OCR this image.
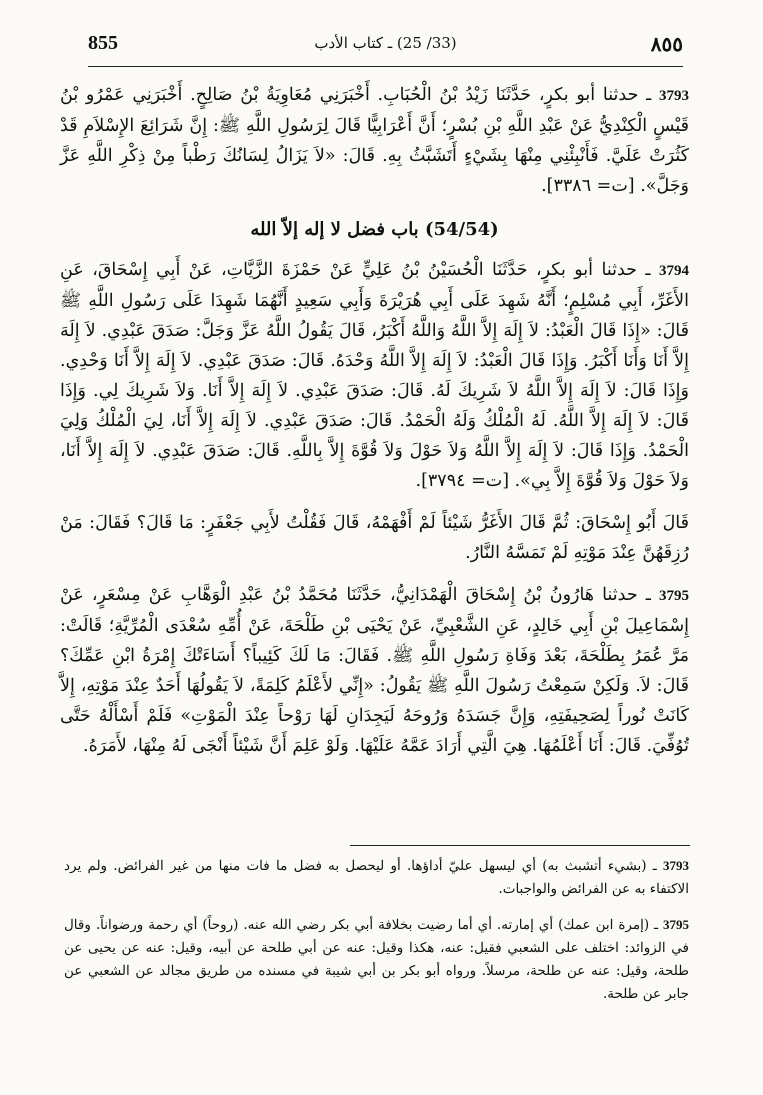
855	(33/ 25) ـ كتاب الأدب	٨٥٥

3793 ـ حدثنا أبو بكرٍ، حَدَّثَنَا زَيْدُ بْنُ الْحُبَابِ. أَخْبَرَنِي مُعَاوِيَةُ بْنُ صَالِحٍ. أَخْبَرَنِي عَمْرُو بْنُ قَيْسٍ الْكِنْدِيُّ عَنْ عَبْدِ اللَّهِ بْنِ بُسْرٍ؛ أَنَّ أَعْرَابِيًّا قَالَ لِرَسُولِ اللَّهِ ﷺ: إِنَّ شَرَائِعَ الإِسْلاَمِ قَدْ كَثُرَتْ عَلَيَّ. فَأَنْبِئْنِي مِنْهَا بِشَيْءٍ أَتَشَبَّثُ بِهِ. قَالَ: «لاَ يَزَالُ لِسَانُكَ رَطْباً مِنْ ذِكْرِ اللَّهِ عَزَّ وَجَلَّ». [ت= ٣٣٨٦].

(54/54) باب فضل لا إله إلاّ الله

3794 ـ حدثنا أبو بكرٍ، حَدَّثَنَا الْحُسَيْنُ بْنُ عَلِيٍّ عَنْ حَمْزَةَ الزَّيَّاتِ، عَنْ أَبِي إِسْحَاقَ، عَنِ الأَغَرِّ، أَبِي مُسْلِمٍ؛ أَنَّهُ شَهِدَ عَلَى أَبِي هُرَيْرَةَ وَأَبِي سَعِيدٍ أَنَّهُمَا شَهِدَا عَلَى رَسُولِ اللَّهِ ﷺ قَالَ: «إِذَا قَالَ الْعَبْدُ: لاَ إِلَهَ إِلاَّ اللَّهُ وَاللَّهُ أَكْبَرُ، قَالَ يَقُولُ اللَّهُ عَزَّ وَجَلَّ: صَدَقَ عَبْدِي. لاَ إِلَهَ إِلاَّ أَنَا وَأَنَا أَكْبَرُ. وَإِذَا قَالَ الْعَبْدُ: لاَ إِلَهَ إِلاَّ اللَّهُ وَحْدَهُ. قَالَ: صَدَقَ عَبْدِي. لاَ إِلَهَ إِلاَّ أَنَا وَحْدِي. وَإِذَا قَالَ: لاَ إِلَهَ إِلاَّ اللَّهُ لاَ شَرِيكَ لَهُ. قَالَ: صَدَقَ عَبْدِي. لاَ إِلَهَ إِلاَّ أَنَا. وَلاَ شَرِيكَ لِي. وَإِذَا قَالَ: لاَ إِلَهَ إِلاَّ اللَّهُ. لَهُ الْمُلْكُ وَلَهُ الْحَمْدُ. قَالَ: صَدَقَ عَبْدِي. لاَ إِلَهَ إِلاَّ أَنَا، لِيَ الْمُلْكُ وَلِيَ الْحَمْدُ. وَإِذَا قَالَ: لاَ إِلَهَ إِلاَّ اللَّهُ وَلاَ حَوْلَ وَلاَ قُوَّةَ إِلاَّ بِاللَّهِ. قَالَ: صَدَقَ عَبْدِي. لاَ إِلَهَ إِلاَّ أَنَا، وَلاَ حَوْلَ وَلاَ قُوَّةَ إِلاَّ بِي». [ت= ٣٧٩٤].

قَالَ أَبُو إِسْحَاقَ: ثُمَّ قَالَ الأَغَرُّ شَيْئاً لَمْ أَفْهَمْهُ، قَالَ فَقُلْتُ لأَبِي جَعْفَرٍ: مَا قَالَ؟ فَقَالَ: مَنْ رُزِقَهُنَّ عِنْدَ مَوْتِهِ لَمْ تَمَسَّهُ النَّارُ.

3795 ـ حدثنا هَارُونُ بْنُ إِسْحَاقَ الْهَمْدَانِيُّ، حَدَّثَنَا مُحَمَّدُ بْنُ عَبْدِ الْوَهَّابِ عَنْ مِسْعَرٍ، عَنْ إِسْمَاعِيلَ بْنِ أَبِي خَالِدٍ، عَنِ الشَّعْبِيِّ، عَنْ يَحْيَى بْنِ طَلْحَةَ، عَنْ أُمِّهِ سُعْدَى الْمُرِّيَّةِ؛ قَالَتْ: مَرَّ عُمَرُ بِطَلْحَةَ، بَعْدَ وَفَاةِ رَسُولِ اللَّهِ ﷺ. فَقَالَ: مَا لَكَ كَئِيباً؟ أَسَاءَتْكَ إِمْرَةُ ابْنِ عَمِّكَ؟ قَالَ: لاَ. وَلَكِنْ سَمِعْتُ رَسُولَ اللَّهِ ﷺ يَقُولُ: «إِنِّي لأَعْلَمُ كَلِمَةً، لاَ يَقُولُهَا أَحَدٌ عِنْدَ مَوْتِهِ، إِلاَّ كَانَتْ نُوراً لِصَحِيفَتِهِ، وَإِنَّ جَسَدَهُ وَرُوحَهُ لَيَجِدَانِ لَهَا رَوْحاً عِنْدَ الْمَوْتِ» فَلَمْ أَسْأَلْهُ حَتَّى تُوُفِّيَ. قَالَ: أَنَا أَعْلَمُهَا. هِيَ الَّتِي أَرَادَ عَمَّهُ عَلَيْهَا. وَلَوْ عَلِمَ أَنَّ شَيْئاً أَنْجَى لَهُ مِنْهَا، لأَمَرَهُ.

3793 ـ (بشيء أتشبث به) أي ليسهل عليّ أداؤها. أو ليحصل به فضل ما فات منها من غير الفرائض. ولم يرد الاكتفاء به عن الفرائض والواجبات.

3795 ـ (إمرة ابن عمك) أي إمارته. أي أما رضيت بخلافة أبي بكر رضي الله عنه. (روحاً) أي رحمة ورضواناً. وقال في الزوائد: اختلف على الشعبي فقيل: عنه، هكذا وقيل: عنه عن أبي طلحة عن أبيه، وقيل: عنه عن يحيى عن طلحة، وقيل: عنه عن طلحة، مرسلاً. ورواه أبو بكر بن أبي شيبة في مسنده من طريق مجالد عن الشعبي عن جابر عن طلحة.
